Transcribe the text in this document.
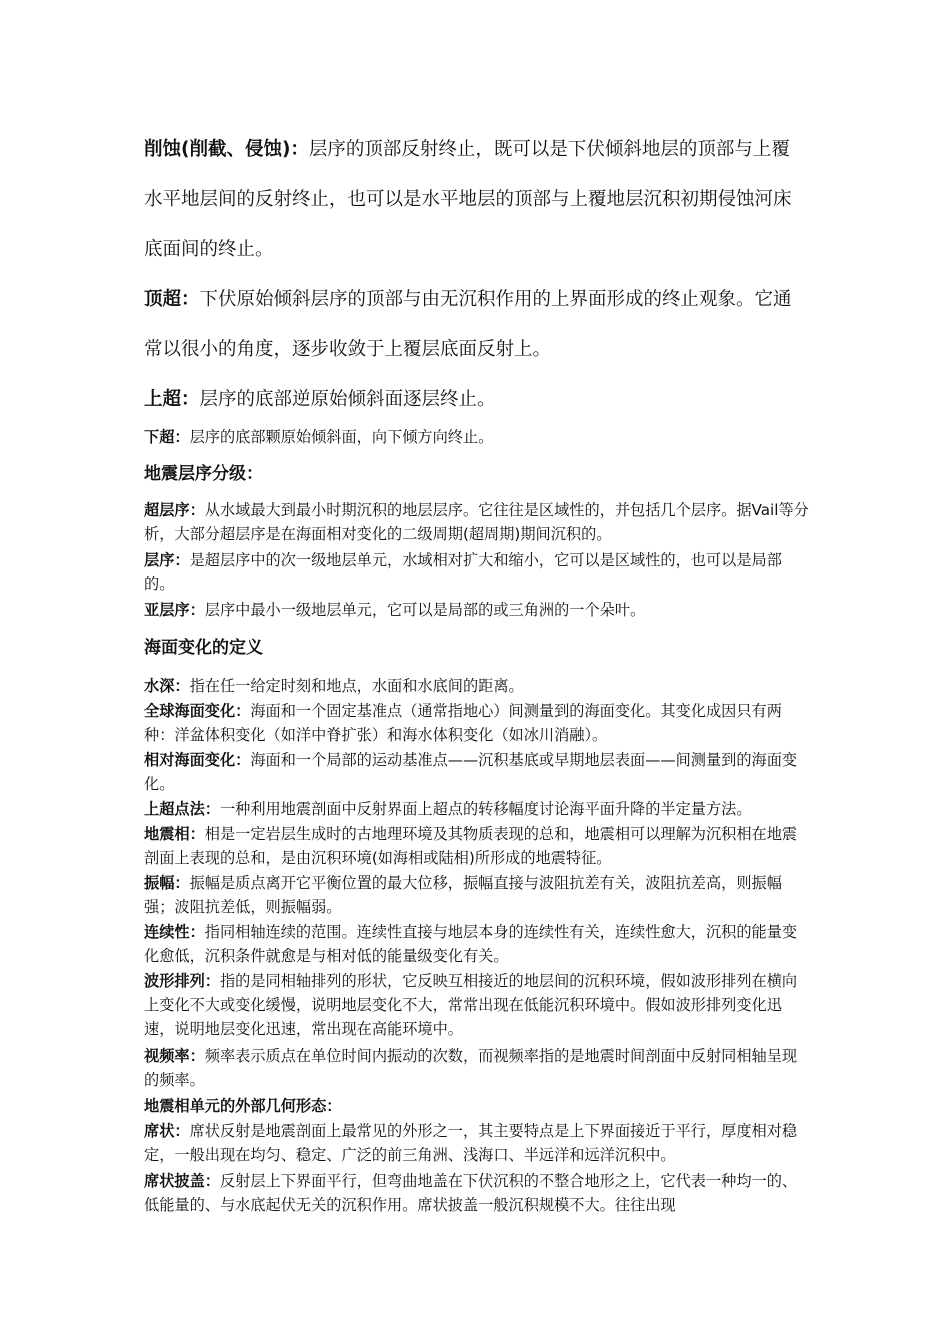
削蚀(削截、侵蚀)：层序的顶部反射终止，既可以是下伏倾斜地层的顶部与上覆水平地层间的反射终止，也可以是水平地层的顶部与上覆地层沉积初期侵蚀河床底面间的终止。

顶超：下伏原始倾斜层序的顶部与由无沉积作用的上界面形成的终止观象。它通常以很小的角度，逐步收敛于上覆层底面反射上。

上超：层序的底部逆原始倾斜面逐层终止。

下超：层序的底部颗原始倾斜面，向下倾方向终止。

地震层序分级：

超层序：从水域最大到最小时期沉积的地层层序。它往往是区域性的，并包括几个层序。据Vail等分析，大部分超层序是在海面相对变化的二级周期(超周期)期间沉积的。

层序：是超层序中的次一级地层单元，水域相对扩大和缩小，它可以是区域性的，也可以是局部的。

亚层序：层序中最小一级地层单元，它可以是局部的或三角洲的一个朵叶。

海面变化的定义

水深：指在任一给定时刻和地点，水面和水底间的距离。

全球海面变化：海面和一个固定基准点（通常指地心）间测量到的海面变化。其变化成因只有两种：洋盆体积变化（如洋中脊扩张）和海水体积变化（如冰川消融）。

相对海面变化：海面和一个局部的运动基准点——沉积基底或早期地层表面——间测量到的海面变化。

上超点法：一种利用地震剖面中反射界面上超点的转移幅度讨论海平面升降的半定量方法。

地震相：相是一定岩层生成时的古地理环境及其物质表现的总和，地震相可以理解为沉积相在地震剖面上表现的总和，是由沉积环境(如海相或陆相)所形成的地震特征。

振幅：振幅是质点离开它平衡位置的最大位移，振幅直接与波阻抗差有关，波阻抗差高，则振幅强；波阻抗差低，则振幅弱。

连续性：指同相轴连续的范围。连续性直接与地层本身的连续性有关，连续性愈大，沉积的能量变化愈低，沉积条件就愈是与相对低的能量级变化有关。

波形排列：指的是同相轴排列的形状，它反映互相接近的地层间的沉积环境，假如波形排列在横向上变化不大或变化缓慢，说明地层变化不大，常常出现在低能沉积环境中。假如波形排列变化迅速，说明地层变化迅速，常出现在高能环境中。

视频率：频率表示质点在单位时间内振动的次数，而视频率指的是地震时间剖面中反射同相轴呈现的频率。

地震相单元的外部几何形态：

席状：席状反射是地震剖面上最常见的外形之一，其主要特点是上下界面接近于平行，厚度相对稳定，一般出现在均匀、稳定、广泛的前三角洲、浅海口、半远洋和远洋沉积中。

席状披盖：反射层上下界面平行，但弯曲地盖在下伏沉积的不整合地形之上，它代表一种均一的、低能量的、与水底起伏无关的沉积作用。席状披盖一般沉积规模不大。往往出现
